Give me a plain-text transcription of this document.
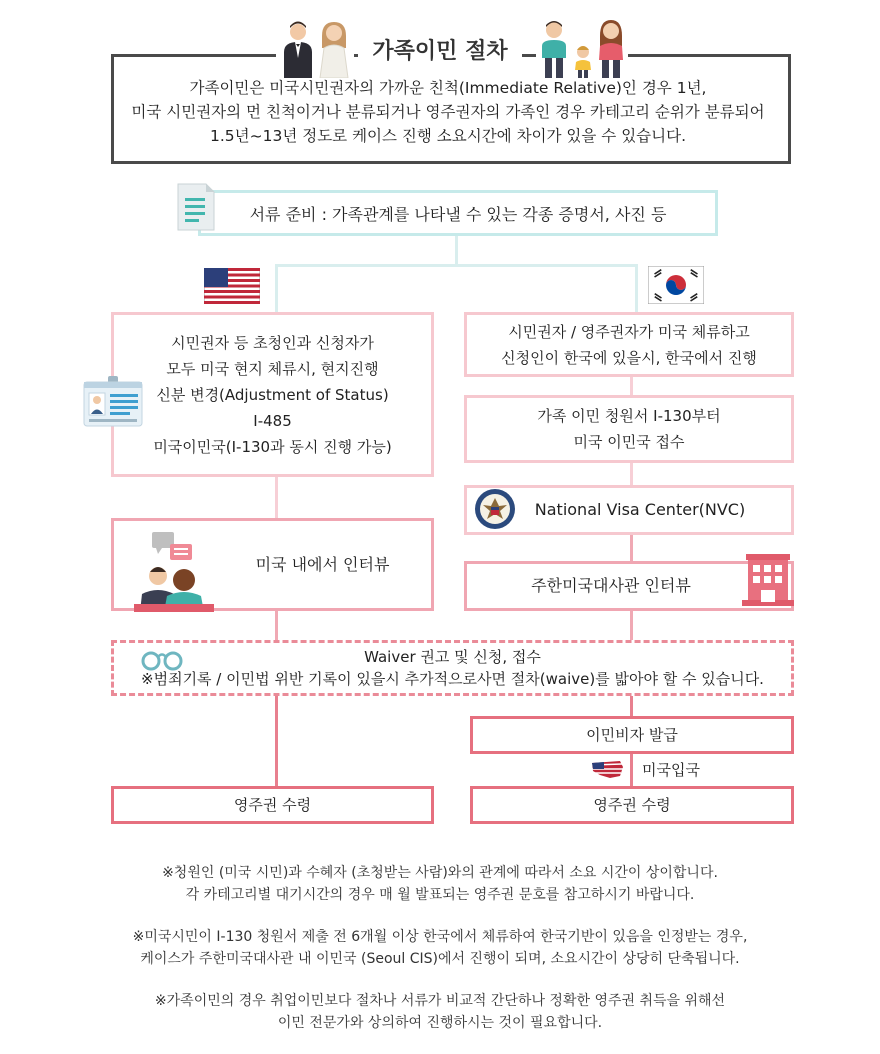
가족이민 절차
가족이민은 미국시민권자의 가까운 친척(Immediate Relative)인 경우 1년,
미국 시민권자의 먼 친척이거나 분류되거나 영주권자의 가족인 경우 카테고리 순위가 분류되어
1.5년~13년 정도로 케이스 진행 소요시간에 차이가 있을 수 있습니다.
서류 준비 : 가족관계를 나타낼 수 있는 각종 증명서, 사진 등
시민권자 등 초청인과 신청자가
모두 미국 현지 체류시, 현지진행
신분 변경(Adjustment of Status)
I-485
미국이민국(I-130과 동시 진행 가능)
미국 내에서 인터뷰
시민권자 / 영주권자가 미국 체류하고
신청인이 한국에 있을시, 한국에서 진행
가족 이민 청원서 I-130부터
미국 이민국 접수
National Visa Center(NVC)
주한미국대사관 인터뷰
Waiver 권고 및 신청, 접수
※범죄기록 / 이민법 위반 기록이 있을시 추가적으로사면 절차(waive)를 밟아야 할 수 있습니다.
이민비자 발급
미국입국
영주권 수령	영주권 수령

※청원인 (미국 시민)과 수혜자 (초청받는 사람)와의 관계에 따라서 소요 시간이 상이합니다.
각 카테고리별 대기시간의 경우 매 월 발표되는 영주권 문호를 참고하시기 바랍니다.

※미국시민이 I-130 청원서 제출 전 6개월 이상 한국에서 체류하여 한국기반이 있음을 인정받는 경우,
케이스가 주한미국대사관 내 이민국 (Seoul CIS)에서 진행이 되며, 소요시간이 상당히 단축됩니다.

※가족이민의 경우 취업이민보다 절차나 서류가 비교적 간단하나 정확한 영주권 취득을 위해선
이민 전문가와 상의하여 진행하시는 것이 필요합니다.
